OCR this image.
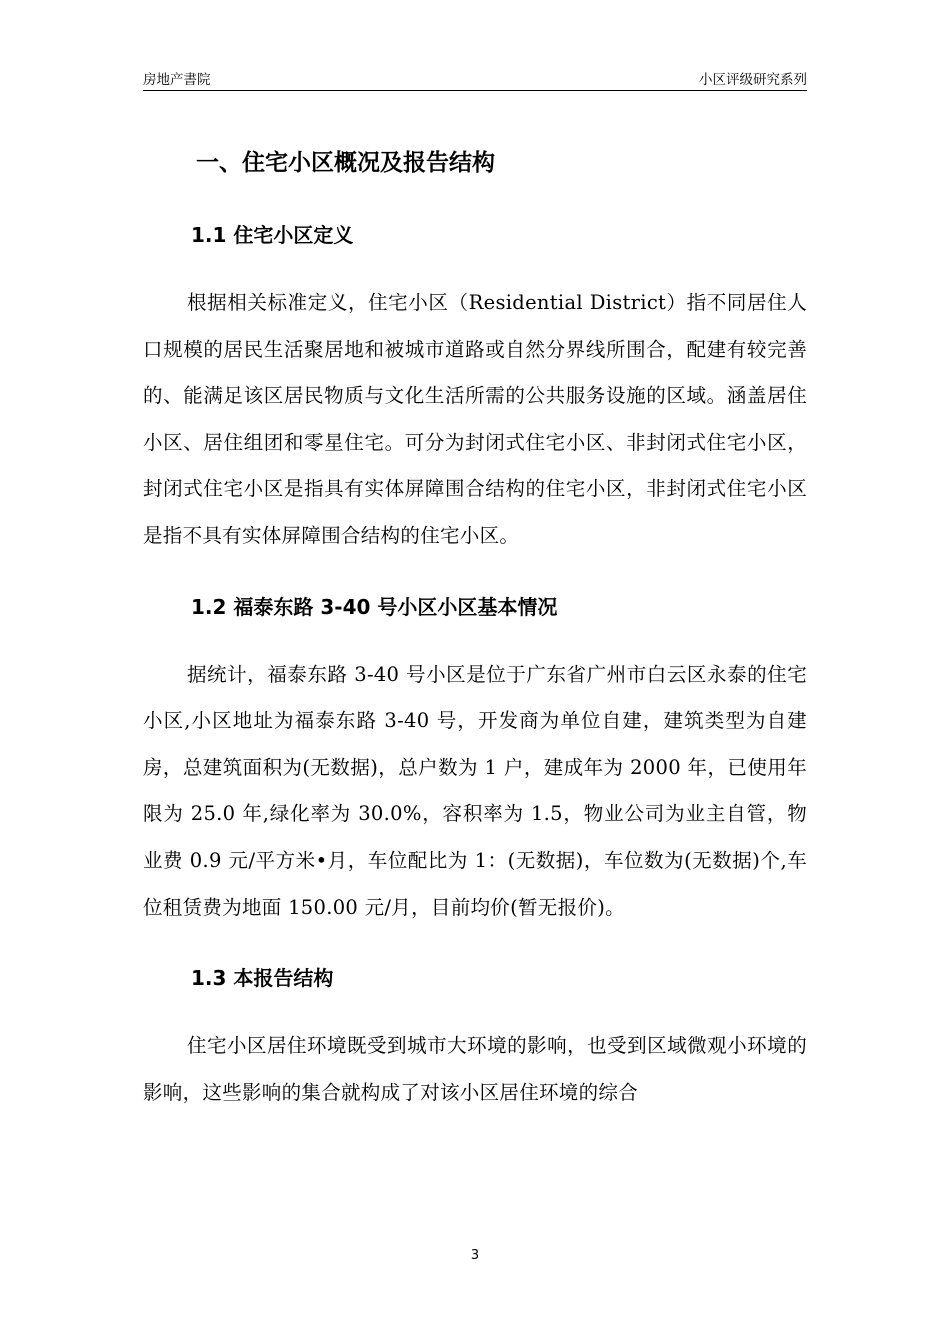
房地产書院	小区评级研究系列
一、住宅小区概况及报告结构
1.1 住宅小区定义

根据相关标准定义，住宅小区（Residential District）指不同居住人口规模的居民生活聚居地和被城市道路或自然分界线所围合，配建有较完善的、能满足该区居民物质与文化生活所需的公共服务设施的区域。涵盖居住小区、居住组团和零星住宅。可分为封闭式住宅小区、非封闭式住宅小区，封闭式住宅小区是指具有实体屏障围合结构的住宅小区，非封闭式住宅小区是指不具有实体屏障围合结构的住宅小区。

1.2 福泰东路 3-40 号小区小区基本情况

据统计，福泰东路 3-40 号小区是位于广东省广州市白云区永泰的住宅小区,小区地址为福泰东路 3-40 号，开发商为单位自建，建筑类型为自建房，总建筑面积为(无数据)，总户数为 1 户，建成年为 2000 年，已使用年限为 25.0 年,绿化率为 30.0%，容积率为 1.5，物业公司为业主自管，物业费 0.9 元/平方米•月，车位配比为 1：(无数据)，车位数为(无数据)个,车位租赁费为地面 150.00 元/月，目前均价(暂无报价)。

1.3 本报告结构

住宅小区居住环境既受到城市大环境的影响，也受到区域微观小环境的影响，这些影响的集合就构成了对该小区居住环境的综合

3
